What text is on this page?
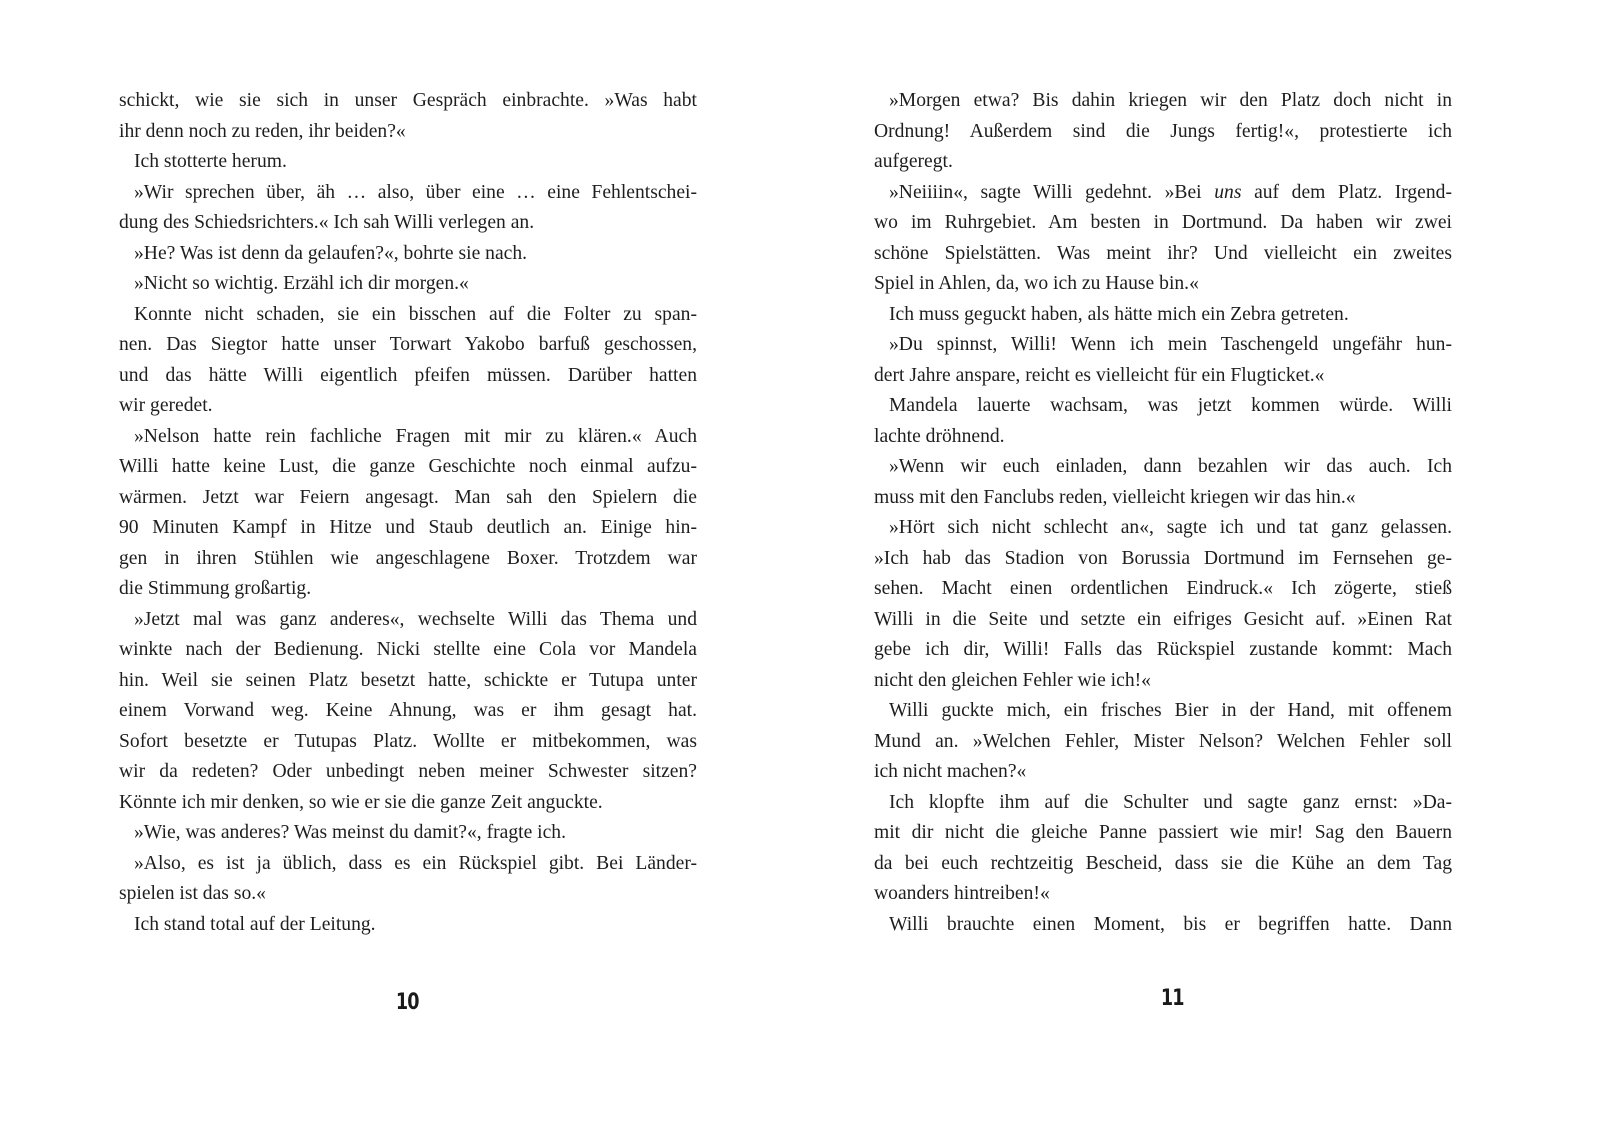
schickt, wie sie sich in unser Gespräch einbrachte. »Was habt
ihr denn noch zu reden, ihr beiden?«
Ich stotterte herum.
»Wir sprechen über, äh … also, über eine … eine Fehlentschei-
dung des Schiedsrichters.« Ich sah Willi verlegen an.
»He? Was ist denn da gelaufen?«, bohrte sie nach.
»Nicht so wichtig. Erzähl ich dir morgen.«
Konnte nicht schaden, sie ein bisschen auf die Folter zu span-
nen. Das Siegtor hatte unser Torwart Yakobo barfuß geschossen,
und das hätte Willi eigentlich pfeifen müssen. Darüber hatten
wir geredet.
»Nelson hatte rein fachliche Fragen mit mir zu klären.« Auch
Willi hatte keine Lust, die ganze Geschichte noch einmal aufzu-
wärmen. Jetzt war Feiern angesagt. Man sah den Spielern die
90 Minuten Kampf in Hitze und Staub deutlich an. Einige hin-
gen in ihren Stühlen wie angeschlagene Boxer. Trotzdem war
die Stimmung großartig.
»Jetzt mal was ganz anderes«, wechselte Willi das Thema und
winkte nach der Bedienung. Nicki stellte eine Cola vor Mandela
hin. Weil sie seinen Platz besetzt hatte, schickte er Tutupa unter
einem Vorwand weg. Keine Ahnung, was er ihm gesagt hat.
Sofort besetzte er Tutupas Platz. Wollte er mitbekommen, was
wir da redeten? Oder unbedingt neben meiner Schwester sitzen?
Könnte ich mir denken, so wie er sie die ganze Zeit anguckte.
»Wie, was anderes? Was meinst du damit?«, fragte ich.
»Also, es ist ja üblich, dass es ein Rückspiel gibt. Bei Länder-
spielen ist das so.«
Ich stand total auf der Leitung.
»Morgen etwa? Bis dahin kriegen wir den Platz doch nicht in
Ordnung! Außerdem sind die Jungs fertig!«, protestierte ich
aufgeregt.
»Neiiiin«, sagte Willi gedehnt. »Bei uns auf dem Platz. Irgend-
wo im Ruhrgebiet. Am besten in Dortmund. Da haben wir zwei
schöne Spielstätten. Was meint ihr? Und vielleicht ein zweites
Spiel in Ahlen, da, wo ich zu Hause bin.«
Ich muss geguckt haben, als hätte mich ein Zebra getreten.
»Du spinnst, Willi! Wenn ich mein Taschengeld ungefähr hun-
dert Jahre anspare, reicht es vielleicht für ein Flugticket.«
Mandela lauerte wachsam, was jetzt kommen würde. Willi
lachte dröhnend.
»Wenn wir euch einladen, dann bezahlen wir das auch. Ich
muss mit den Fanclubs reden, vielleicht kriegen wir das hin.«
»Hört sich nicht schlecht an«, sagte ich und tat ganz gelassen.
»Ich hab das Stadion von Borussia Dortmund im Fernsehen ge-
sehen. Macht einen ordentlichen Eindruck.« Ich zögerte, stieß
Willi in die Seite und setzte ein eifriges Gesicht auf. »Einen Rat
gebe ich dir, Willi! Falls das Rückspiel zustande kommt: Mach
nicht den gleichen Fehler wie ich!«
Willi guckte mich, ein frisches Bier in der Hand, mit offenem
Mund an. »Welchen Fehler, Mister Nelson? Welchen Fehler soll
ich nicht machen?«
Ich klopfte ihm auf die Schulter und sagte ganz ernst: »Da-
mit dir nicht die gleiche Panne passiert wie mir! Sag den Bauern
da bei euch rechtzeitig Bescheid, dass sie die Kühe an dem Tag
woanders hintreiben!«
Willi brauchte einen Moment, bis er begriffen hatte. Dann
10	11
